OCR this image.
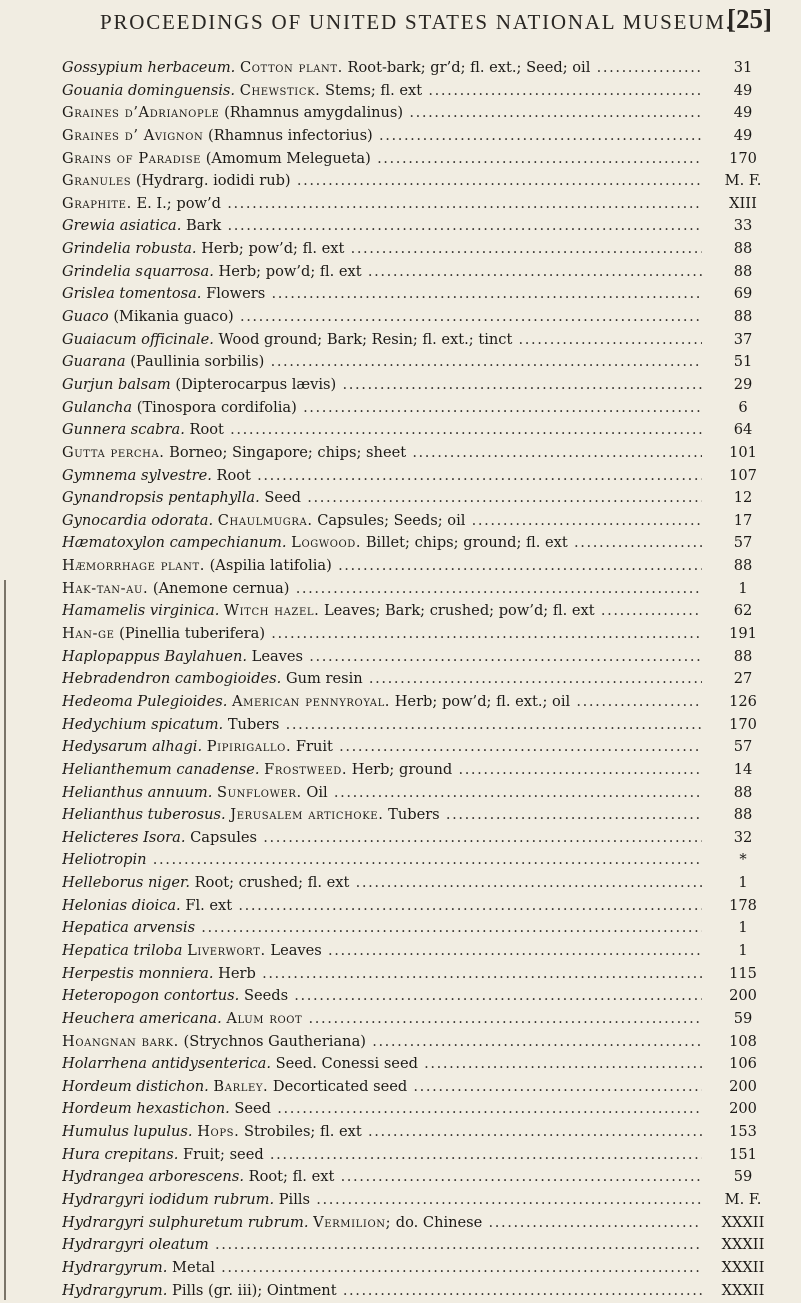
PROCEEDINGS OF UNITED STATES NATIONAL MUSEUM.
[25]
Gossypium herbaceum. Cotton plant. Root-bark; gr’d; fl. ext.; Seed; oil .....	31
Gouania dominguensis. Chewstick. Stems; fl. ext .....	49
Graines d’Adrianople (Rhamnus amygdalinus) .....	49
Graines d’ Avignon (Rhamnus infectorius) .....	49
Grains of Paradise (Amomum Melegueta) .....	170
Granules (Hydrarg. iodidi rub) .....	M. F.
Graphite. E. I.; pow’d .....	XIII
Grewia asiatica. Bark .....	33
Grindelia robusta. Herb; pow’d; fl. ext .....	88
Grindelia squarrosa. Herb; pow’d; fl. ext .....	88
Grislea tomentosa. Flowers .....	69
Guaco (Mikania guaco) .....	88
Guaiacum officinale. Wood ground; Bark; Resin; fl. ext.; tinct .....	37
Guarana (Paullinia sorbilis) .....	51
Gurjun balsam (Dipterocarpus lævis) .....	29
Gulancha (Tinospora cordifolia) .....	6
Gunnera scabra. Root .....	64
Gutta percha. Borneo; Singapore; chips; sheet .....	101
Gymnema sylvestre. Root .....	107
Gynandropsis pentaphylla. Seed .....	12
Gynocardia odorata. Chaulmugra. Capsules; Seeds; oil .....	17
Hæmatoxylon campechianum. Logwood. Billet; chips; ground; fl. ext .....	57
Hæmorrhage plant. (Aspilia latifolia) .....	88
Hak-tan-au. (Anemone cernua) .....	1
Hamamelis virginica. Witch hazel. Leaves; Bark; crushed; pow’d; fl. ext .....	62
Han-ge (Pinellia tuberifera) .....	191
Haplopappus Baylahuen. Leaves .....	88
Hebradendron cambogioides. Gum resin .....	27
Hedeoma Pulegioides. American pennyroyal. Herb; pow’d; fl. ext.; oil .....	126
Hedychium spicatum. Tubers .....	170
Hedysarum alhagi. Pipirigallo. Fruit .....	57
Helianthemum canadense. Frostweed. Herb; ground .....	14
Helianthus annuum. Sunflower. Oil .....	88
Helianthus tuberosus. Jerusalem artichoke. Tubers .....	88
Helicteres Isora. Capsules .....	32
Heliotropin .....	*
Helleborus niger. Root; crushed; fl. ext .....	1
Helonias dioica. Fl. ext .....	178
Hepatica arvensis .....	1
Hepatica triloba Liverwort. Leaves .....	1
Herpestis monniera. Herb .....	115
Heteropogon contortus. Seeds .....	200
Heuchera americana. Alum root .....	59
Hoangnan bark. (Strychnos Gautheriana) .....	108
Holarrhena antidysenterica. Seed. Conessi seed .....	106
Hordeum distichon. Barley. Decorticated seed .....	200
Hordeum hexastichon. Seed .....	200
Humulus lupulus. Hops. Strobiles; fl. ext .....	153
Hura crepitans. Fruit; seed .....	151
Hydrangea arborescens. Root; fl. ext .....	59
Hydrargyri iodidum rubrum. Pills .....	M. F.
Hydrargyri sulphuretum rubrum. Vermilion; do. Chinese .....	XXXII
Hydrargyri oleatum .....	XXXII
Hydrargyrum. Metal .....	XXXII
Hydrargyrum. Pills (gr. iii); Ointment .....	XXXII
